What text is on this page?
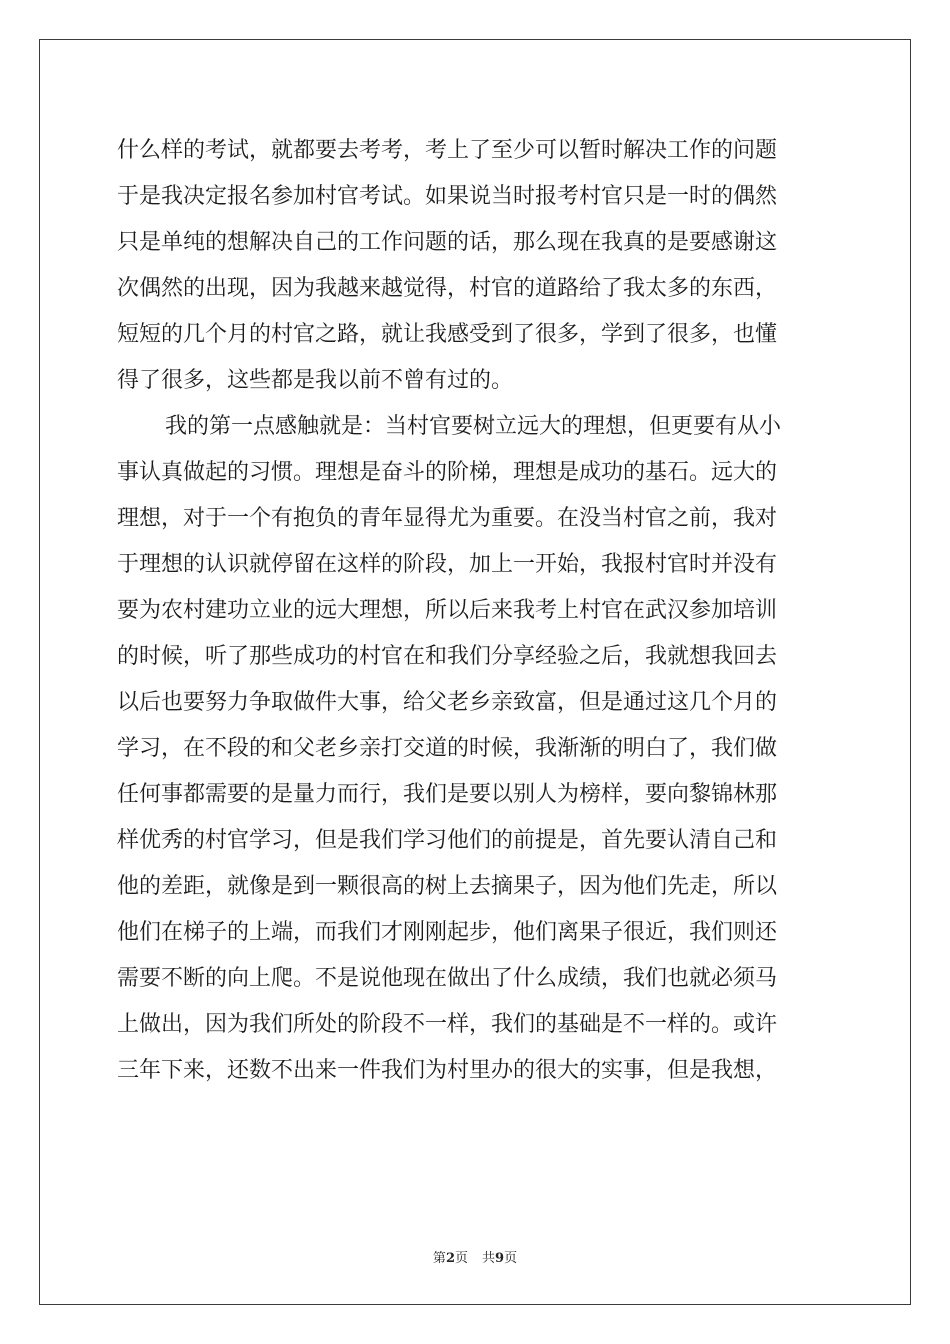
什么样的考试，就都要去考考，考上了至少可以暂时解决工作的问题
于是我决定报名参加村官考试。如果说当时报考村官只是一时的偶然
只是单纯的想解决自己的工作问题的话，那么现在我真的是要感谢这
次偶然的出现，因为我越来越觉得，村官的道路给了我太多的东西，
短短的几个月的村官之路，就让我感受到了很多，学到了很多，也懂
得了很多，这些都是我以前不曾有过的。
我的第一点感触就是：当村官要树立远大的理想，但更要有从小
事认真做起的习惯。理想是奋斗的阶梯，理想是成功的基石。远大的
理想，对于一个有抱负的青年显得尤为重要。在没当村官之前，我对
于理想的认识就停留在这样的阶段，加上一开始，我报村官时并没有
要为农村建功立业的远大理想，所以后来我考上村官在武汉参加培训
的时候，听了那些成功的村官在和我们分享经验之后，我就想我回去
以后也要努力争取做件大事，给父老乡亲致富，但是通过这几个月的
学习，在不段的和父老乡亲打交道的时候，我渐渐的明白了，我们做
任何事都需要的是量力而行，我们是要以别人为榜样，要向黎锦林那
样优秀的村官学习，但是我们学习他们的前提是，首先要认清自己和
他的差距，就像是到一颗很高的树上去摘果子，因为他们先走，所以
他们在梯子的上端，而我们才刚刚起步，他们离果子很近，我们则还
需要不断的向上爬。不是说他现在做出了什么成绩，我们也就必须马
上做出，因为我们所处的阶段不一样，我们的基础是不一样的。或许
三年下来，还数不出来一件我们为村里办的很大的实事，但是我想，
第2页 共9页
